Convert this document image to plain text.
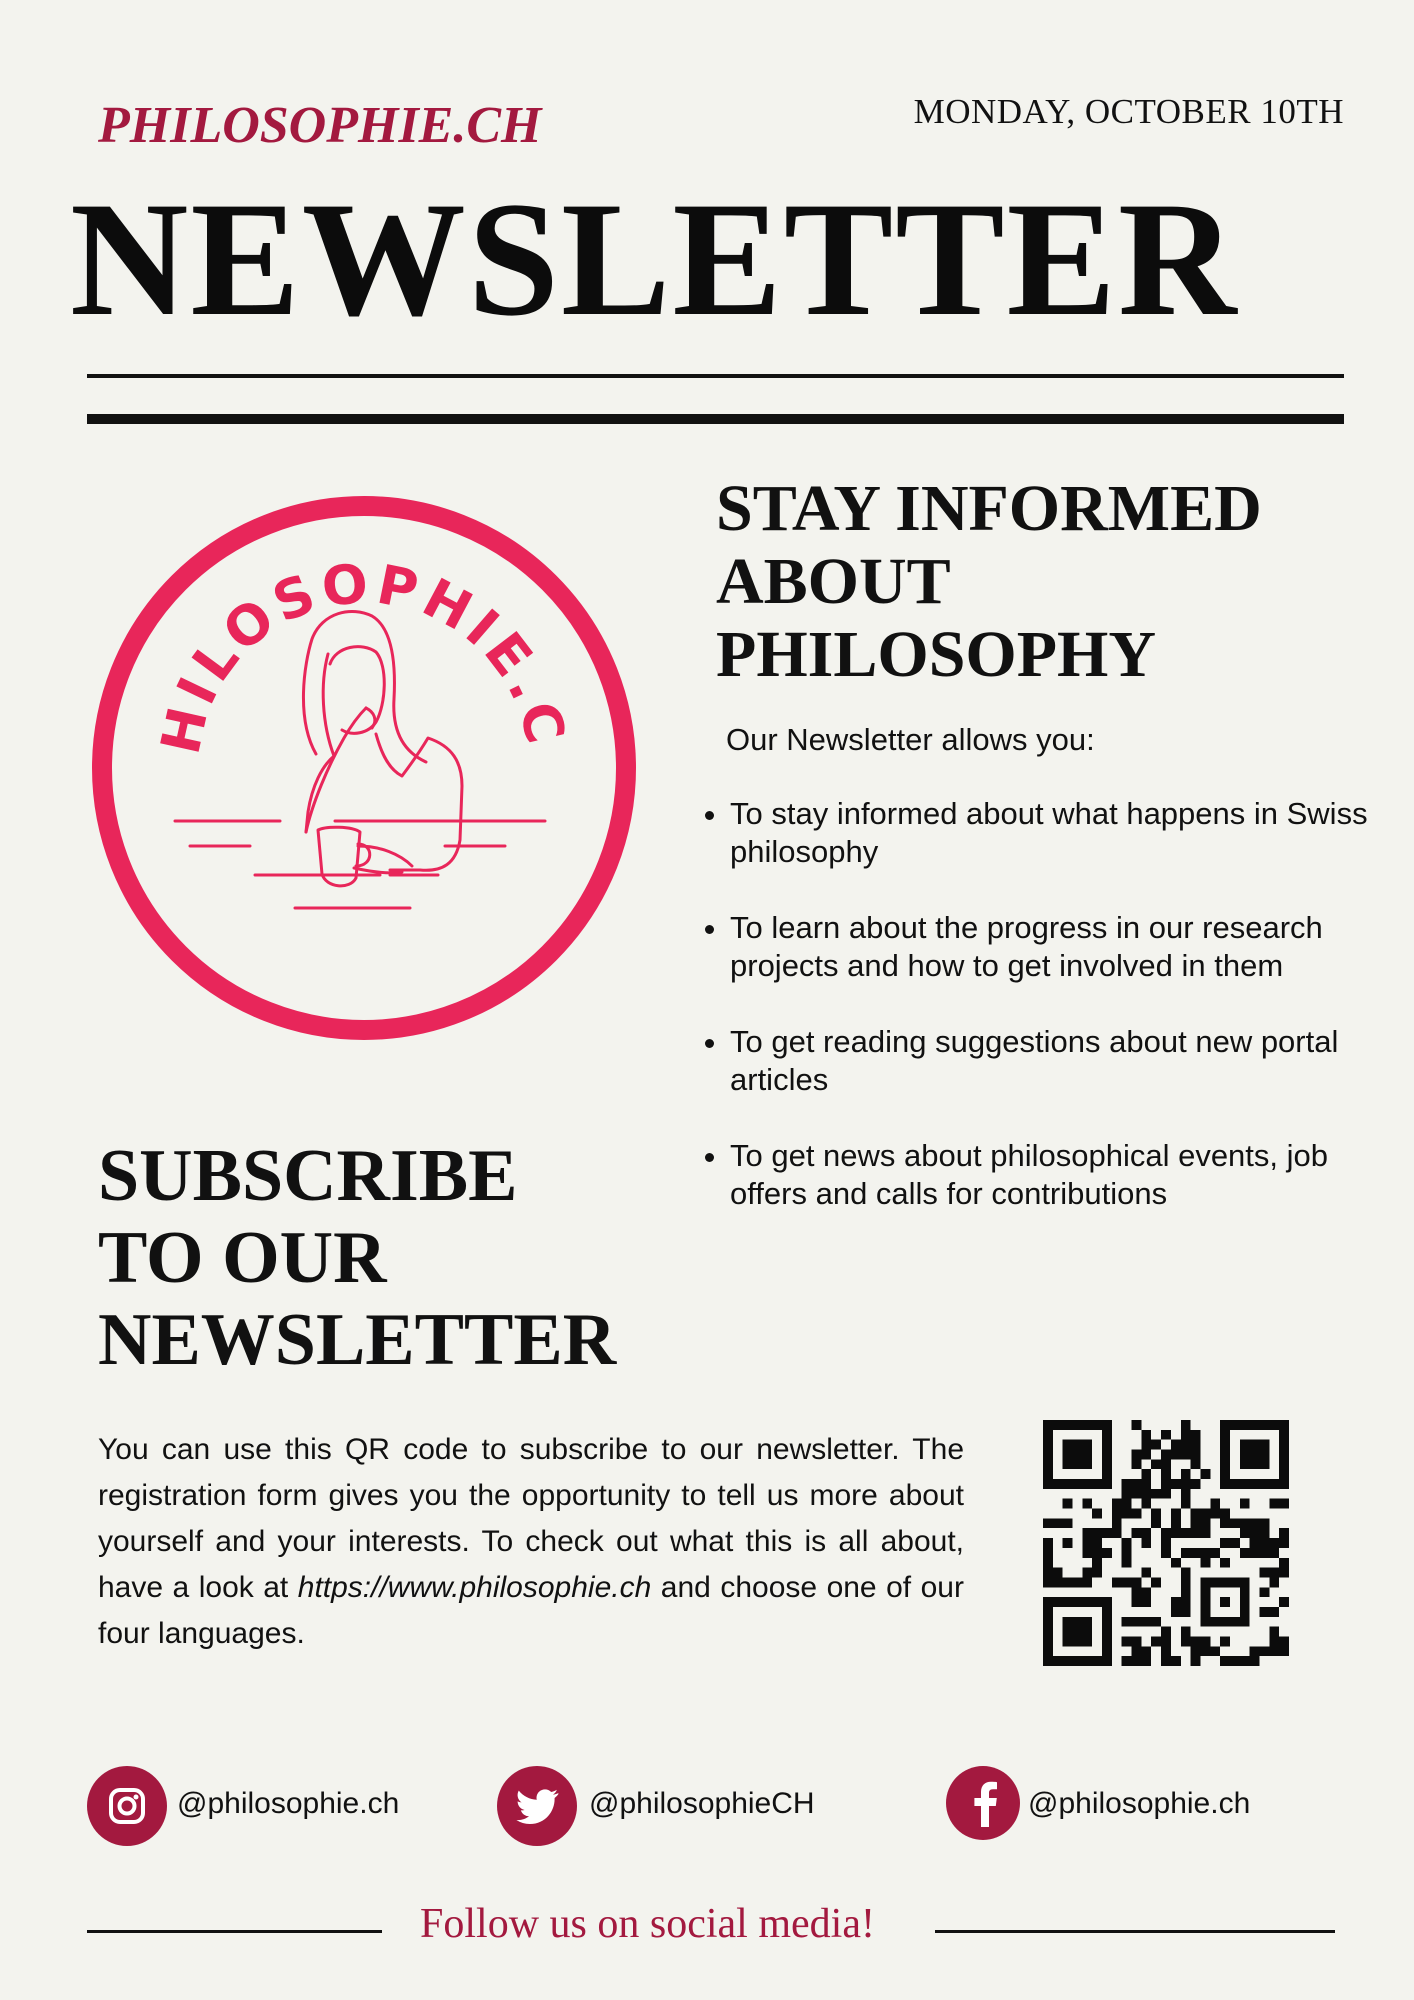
PHILOSOPHIE.CH	MONDAY, OCTOBER 10TH
NEWSLETTER
HILOSOPHIE.C
STAY INFORMED
ABOUT
PHILOSOPHY
Our Newsletter allows you:
• To stay informed about what happens in Swiss philosophy
• To learn about the progress in our research projects and how to get involved in them
• To get reading suggestions about new portal articles
• To get news about philosophical events, job offers and calls for contributions
SUBSCRIBE
TO OUR
NEWSLETTER
You can use this QR code to subscribe to our newsletter. The registration form gives you the opportunity to tell us more about yourself and your interests. To check out what this is all about, have a look at https://www.philosophie.ch and choose one of our four languages.
@philosophie.ch	@philosophieCH	@philosophie.ch
Follow us on social media!
